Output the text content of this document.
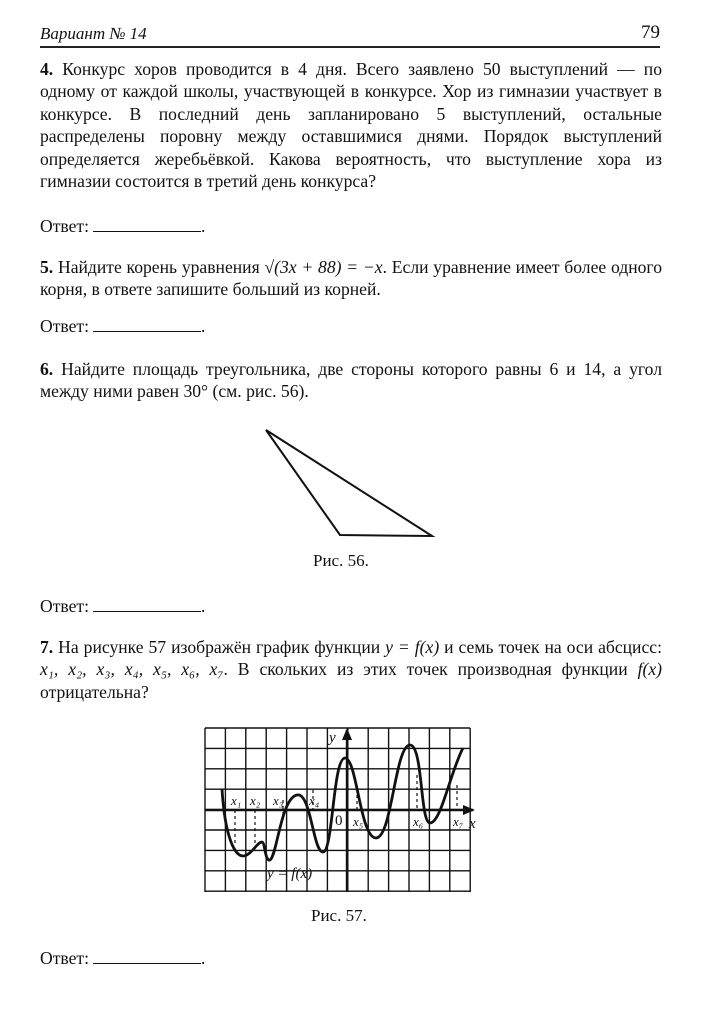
Вариант № 14	79
4. Конкурс хоров проводится в 4 дня. Всего заявлено 50 выступлений — по одному от каждой школы, участвующей в конкурсе. Хор из гимназии участвует в конкурсе. В последний день запланировано 5 выступлений, остальные распределены поровну между оставшимися днями. Порядок выступлений определяется жеребьёвкой. Какова вероятность, что выступление хора из гимназии состоится в третий день конкурса?
Ответ:	.
5. Найдите корень уравнения √(3x + 88) = −x. Если уравнение имеет более одного корня, в ответе запишите больший из корней.
Ответ:	.
6. Найдите площадь треугольника, две стороны которого равны 6 и 14, а угол между ними равен 30° (см. рис. 56).
Рис. 56.
Ответ:	.
7. На рисунке 57 изображён график функции y = f(x) и семь точек на оси абсцисс: x₁, x₂, x₃, x₄, x₅, x₆, x₇. В скольких из этих точек производная функции f(x) отрицательна?
y
x
0
y = f(x)
x₁ x₂ x₃ x₄
x₅	x₆ x₇
Рис. 57.
Ответ:	.
